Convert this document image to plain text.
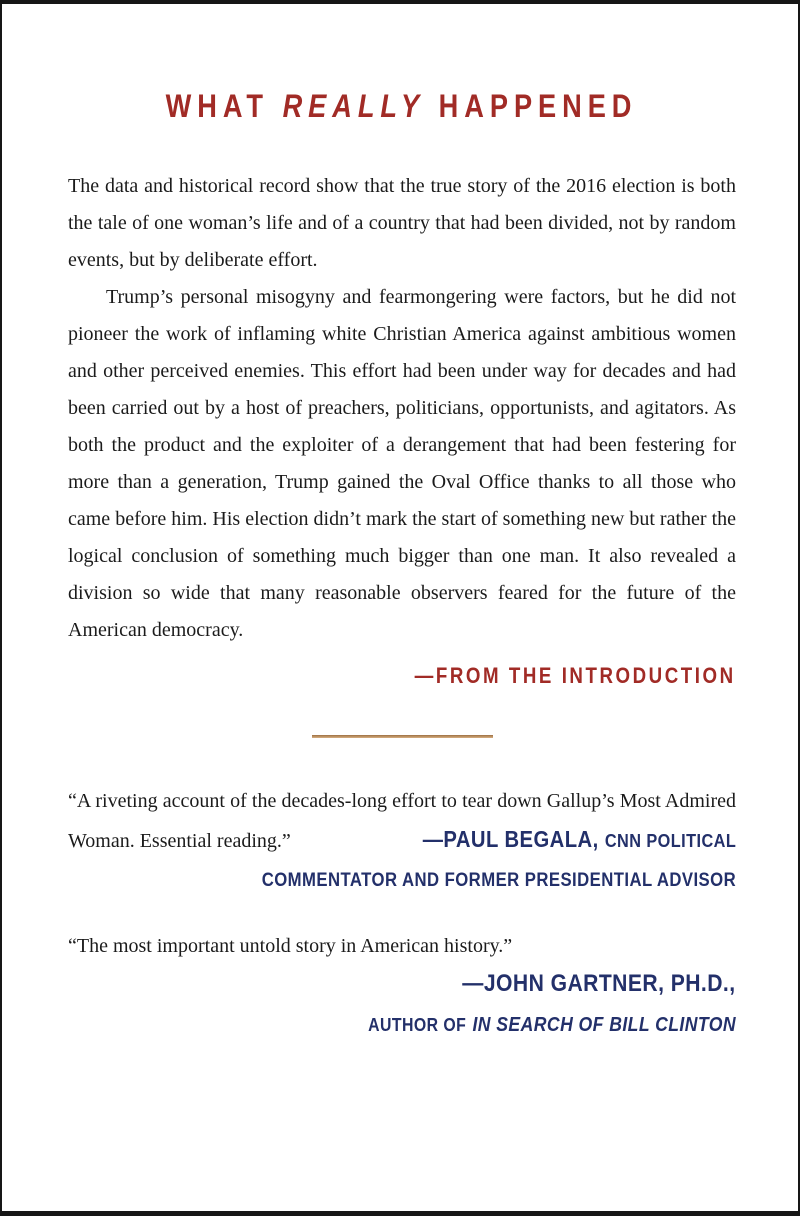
WHAT REALLY HAPPENED

The data and historical record show that the true story of the 2016 election is both the tale of one woman’s life and of a country that had been divided, not by random events, but by deliberate effort.

Trump’s personal misogyny and fearmongering were factors, but he did not pioneer the work of inflaming white Christian America against ambitious women and other perceived enemies. This effort had been under way for decades and had been carried out by a host of preachers, politicians, opportunists, and agitators. As both the product and the exploiter of a derangement that had been festering for more than a generation, Trump gained the Oval Office thanks to all those who came before him. His election didn’t mark the start of something new but rather the logical conclusion of something much bigger than one man. It also revealed a division so wide that many reasonable observers feared for the future of the American democracy.

—FROM THE INTRODUCTION
“A riveting account of the decades-long effort to tear down Gallup’s Most Admired
Woman. Essential reading.”	—PAUL BEGALA, CNN POLITICAL
COMMENTATOR AND FORMER PRESIDENTIAL ADVISOR
“The most important untold story in American history.”
—JOHN GARTNER, PH.D.,
AUTHOR OF IN SEARCH OF BILL CLINTON
